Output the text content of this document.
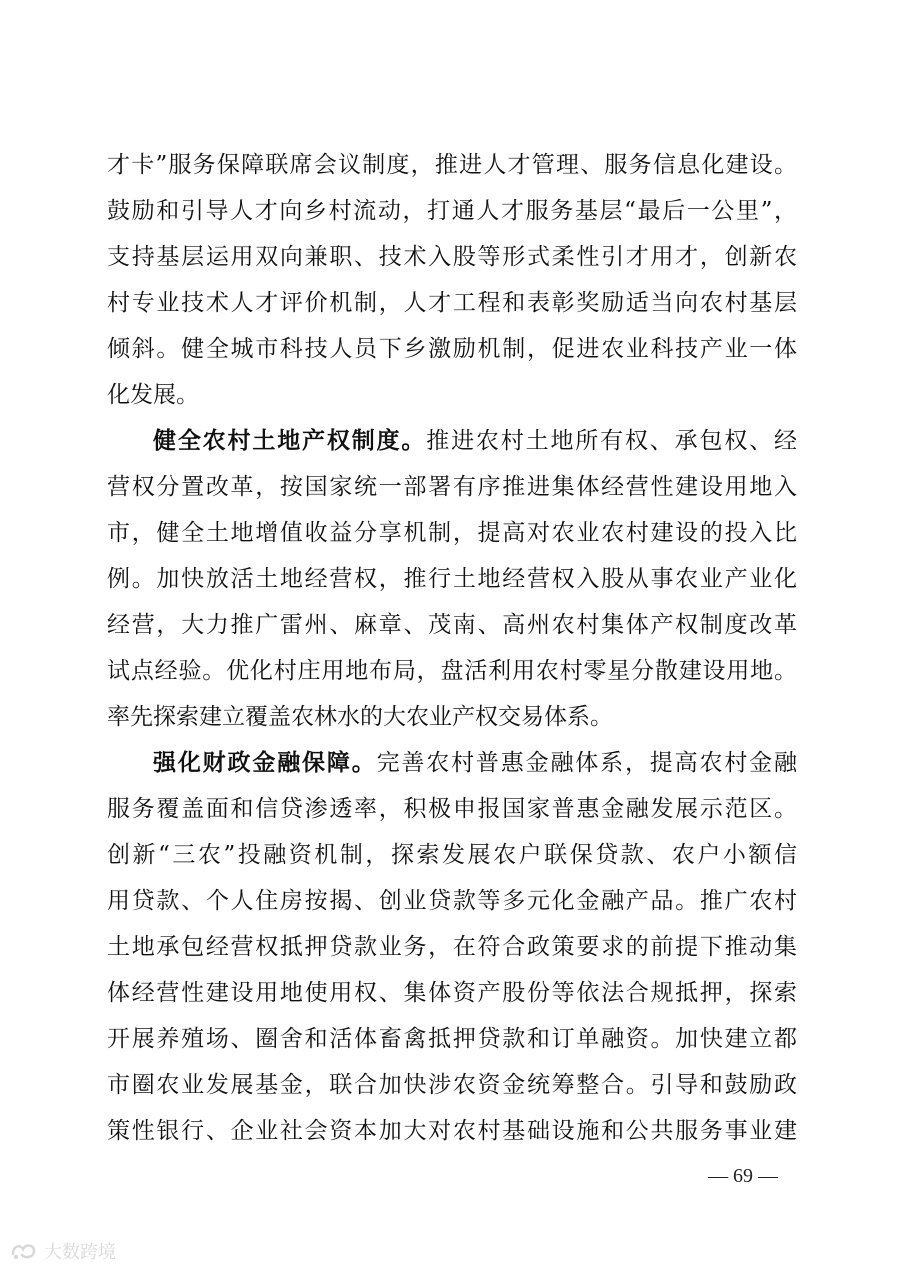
才卡”服务保障联席会议制度，推进人才管理、服务信息化建设。
鼓励和引导人才向乡村流动，打通人才服务基层“最后一公里”，
支持基层运用双向兼职、技术入股等形式柔性引才用才，创新农
村专业技术人才评价机制，人才工程和表彰奖励适当向农村基层
倾斜。健全城市科技人员下乡激励机制，促进农业科技产业一体
化发展。
健全农村土地产权制度。推进农村土地所有权、承包权、经
营权分置改革，按国家统一部署有序推进集体经营性建设用地入
市，健全土地增值收益分享机制，提高对农业农村建设的投入比
例。加快放活土地经营权，推行土地经营权入股从事农业产业化
经营，大力推广雷州、麻章、茂南、高州农村集体产权制度改革
试点经验。优化村庄用地布局，盘活利用农村零星分散建设用地。
率先探索建立覆盖农林水的大农业产权交易体系。
强化财政金融保障。完善农村普惠金融体系，提高农村金融
服务覆盖面和信贷渗透率，积极申报国家普惠金融发展示范区。
创新“三农”投融资机制，探索发展农户联保贷款、农户小额信
用贷款、个人住房按揭、创业贷款等多元化金融产品。推广农村
土地承包经营权抵押贷款业务，在符合政策要求的前提下推动集
体经营性建设用地使用权、集体资产股份等依法合规抵押，探索
开展养殖场、圈舍和活体畜禽抵押贷款和订单融资。加快建立都
市圈农业发展基金，联合加快涉农资金统筹整合。引导和鼓励政
策性银行、企业社会资本加大对农村基础设施和公共服务事业建
— 69 —
大数跨境
